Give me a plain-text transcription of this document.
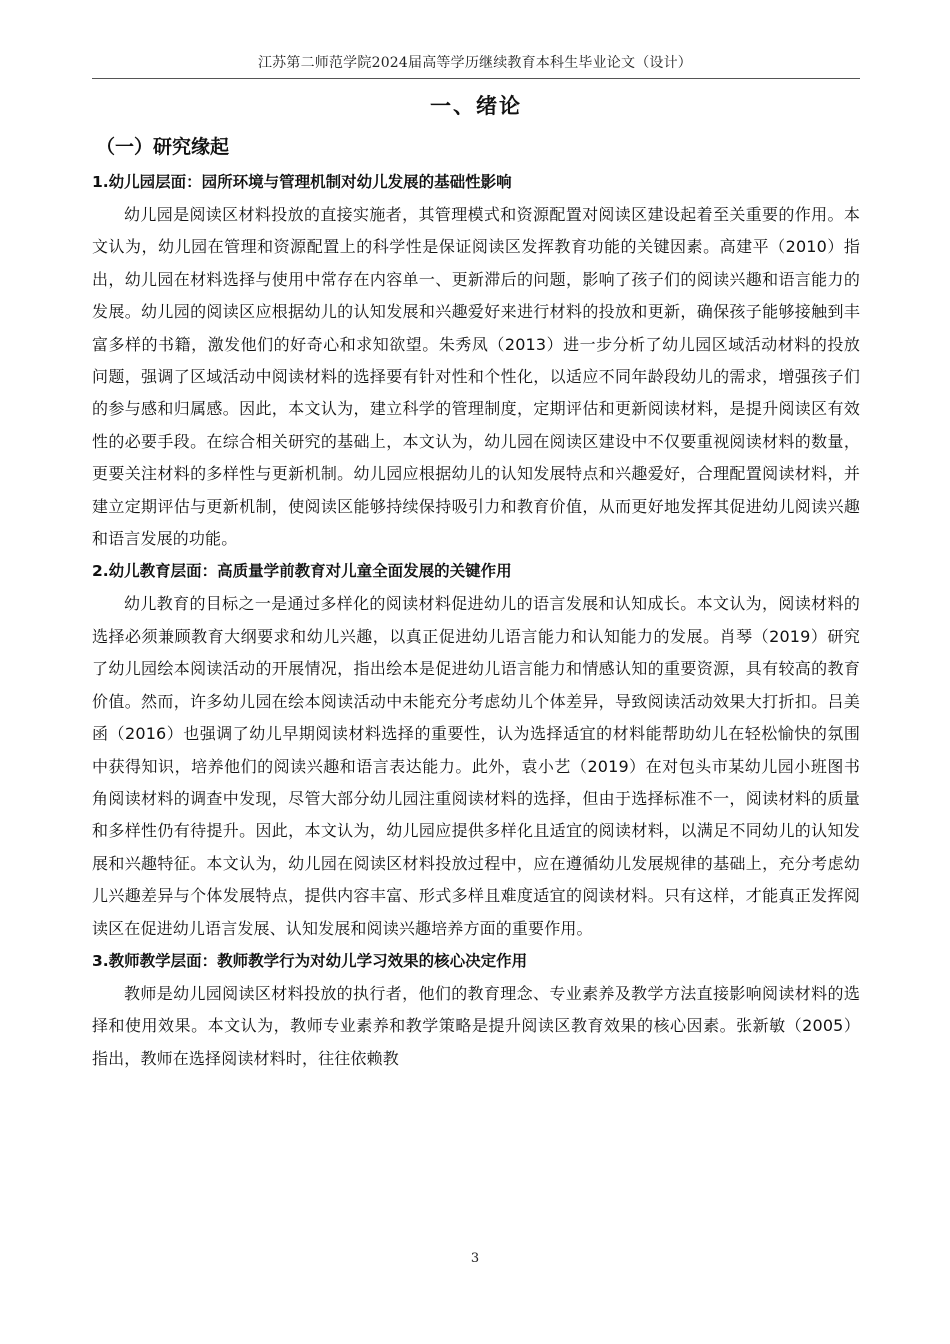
江苏第二师范学院2024届高等学历继续教育本科生毕业论文（设计）
一、绪论
（一）研究缘起
1.幼儿园层面：园所环境与管理机制对幼儿发展的基础性影响

幼儿园是阅读区材料投放的直接实施者，其管理模式和资源配置对阅读区建设起着至关重要的作用。本文认为，幼儿园在管理和资源配置上的科学性是保证阅读区发挥教育功能的关键因素。高建平（2010）指出，幼儿园在材料选择与使用中常存在内容单一、更新滞后的问题，影响了孩子们的阅读兴趣和语言能力的发展。幼儿园的阅读区应根据幼儿的认知发展和兴趣爱好来进行材料的投放和更新，确保孩子能够接触到丰富多样的书籍，激发他们的好奇心和求知欲望。朱秀凤（2013）进一步分析了幼儿园区域活动材料的投放问题，强调了区域活动中阅读材料的选择要有针对性和个性化，以适应不同年龄段幼儿的需求，增强孩子们的参与感和归属感。因此，本文认为，建立科学的管理制度，定期评估和更新阅读材料，是提升阅读区有效性的必要手段。在综合相关研究的基础上，本文认为，幼儿园在阅读区建设中不仅要重视阅读材料的数量，更要关注材料的多样性与更新机制。幼儿园应根据幼儿的认知发展特点和兴趣爱好，合理配置阅读材料，并建立定期评估与更新机制，使阅读区能够持续保持吸引力和教育价值，从而更好地发挥其促进幼儿阅读兴趣和语言发展的功能。

2.幼儿教育层面：高质量学前教育对儿童全面发展的关键作用

幼儿教育的目标之一是通过多样化的阅读材料促进幼儿的语言发展和认知成长。本文认为，阅读材料的选择必须兼顾教育大纲要求和幼儿兴趣，以真正促进幼儿语言能力和认知能力的发展。肖琴（2019）研究了幼儿园绘本阅读活动的开展情况，指出绘本是促进幼儿语言能力和情感认知的重要资源，具有较高的教育价值。然而，许多幼儿园在绘本阅读活动中未能充分考虑幼儿个体差异，导致阅读活动效果大打折扣。吕美函（2016）也强调了幼儿早期阅读材料选择的重要性，认为选择适宜的材料能帮助幼儿在轻松愉快的氛围中获得知识，培养他们的阅读兴趣和语言表达能力。此外，袁小艺（2019）在对包头市某幼儿园小班图书角阅读材料的调查中发现，尽管大部分幼儿园注重阅读材料的选择，但由于选择标准不一，阅读材料的质量和多样性仍有待提升。因此，本文认为，幼儿园应提供多样化且适宜的阅读材料，以满足不同幼儿的认知发展和兴趣特征。本文认为，幼儿园在阅读区材料投放过程中，应在遵循幼儿发展规律的基础上，充分考虑幼儿兴趣差异与个体发展特点，提供内容丰富、形式多样且难度适宜的阅读材料。只有这样，才能真正发挥阅读区在促进幼儿语言发展、认知发展和阅读兴趣培养方面的重要作用。

3.教师教学层面：教师教学行为对幼儿学习效果的核心决定作用

教师是幼儿园阅读区材料投放的执行者，他们的教育理念、专业素养及教学方法直接影响阅读材料的选择和使用效果。本文认为，教师专业素养和教学策略是提升阅读区教育效果的核心因素。张新敏（2005）指出，教师在选择阅读材料时，往往依赖教

3
